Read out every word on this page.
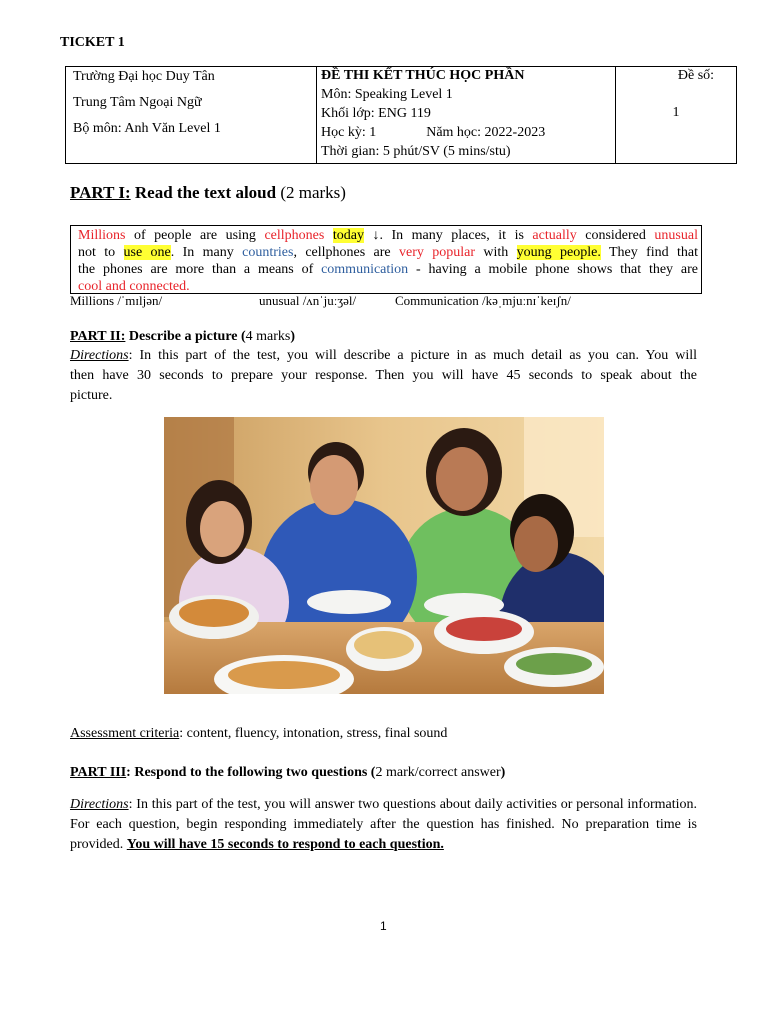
TICKET 1
Trường Đại học Duy Tân
Trung Tâm Ngoại Ngữ
Bộ môn: Anh Văn Level 1

ĐỀ THI KẾT THÚC HỌC PHẦN
Môn: Speaking Level 1
Khối lớp: ENG 119
Học kỳ: 1	Năm học: 2022-2023
Thời gian: 5 phút/SV (5 mins/stu)

Đề số:
1
PART I: Read the text aloud (2 marks)
Millions of people are using cellphones today ↓. In many places, it is actually considered unusual
not to use one. In many countries, cellphones are very popular with young people. They find that
the phones are more than a means of communication - having a mobile phone shows that they are
cool and connected.
Millions /ˈmɪljən/	unusual /ʌnˈjuːʒəl/	Communication /kəˌmjuːnɪˈkeɪʃn/
PART II: Describe a picture (4 marks)
Directions: In this part of the test, you will describe a picture in as much detail as you can. You will
then have 30 seconds to prepare your response. Then you will have 45 seconds to speak about the
picture.
Assessment criteria: content, fluency, intonation, stress, final sound
PART III: Respond to the following two questions (2 mark/correct answer)
Directions: In this part of the test, you will answer two questions about daily activities or personal information. For each question, begin responding immediately after the question has finished. No preparation time is provided. You will have 15 seconds to respond to each question.
1
